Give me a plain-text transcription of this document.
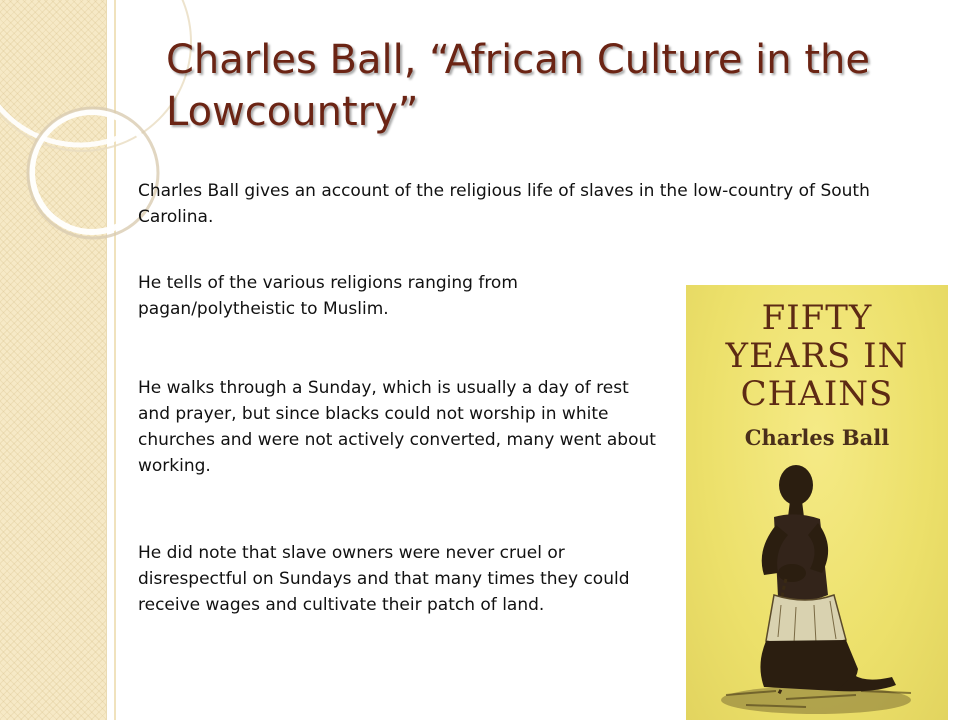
Charles Ball, “African Culture in the Lowcountry”

Charles Ball gives an account of the religious life of slaves in the low-country of South Carolina.

He tells of the various religions ranging from pagan/polytheistic to Muslim.

He walks through a Sunday, which is usually a day of rest and prayer, but since blacks could not worship in white churches and were not actively converted, many went about working.

He did note that slave owners were never cruel or disrespectful on Sundays and that many times they could receive wages and cultivate their patch of land.

FIFTY
YEARS IN
CHAINS
Charles Ball
